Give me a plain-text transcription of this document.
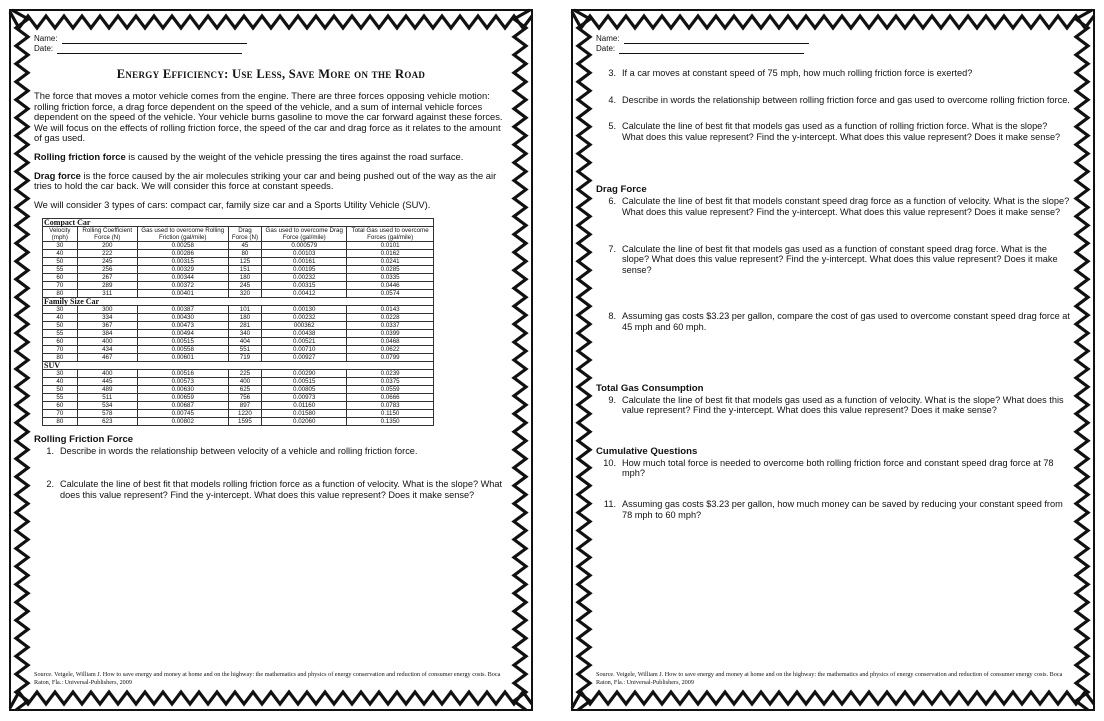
Name:
Date:
Energy Efficiency: Use Less, Save More on the Road

The force that moves a motor vehicle comes from the engine. There are three forces opposing vehicle motion: rolling friction force, a drag force dependent on the speed of the vehicle, and a sum of internal vehicle forces dependent on the speed of the vehicle. Your vehicle burns gasoline to move the car forward against these forces. We will focus on the effects of rolling friction force, the speed of the car and drag force as it relates to the amount of gas used.

Rolling friction force is caused by the weight of the vehicle pressing the tires against the road surface.

Drag force is the force caused by the air molecules striking your car and being pushed out of the way as the air tries to hold the car back. We will consider this force at constant speeds.

We will consider 3 types of cars: compact car, family size car and a Sports Utility Vehicle (SUV).

Compact Car					
Velocity (mph)	Rolling Coefficient Force (N)	Gas used to overcome Rolling Friction (gal/mile)	Drag Force (N)	Gas used to overcome Drag Force (gal/mile)	Total Gas used to overcome Forces (gal/mile)
30	200	0.00258	45	0.000579	0.0101
40	222	0.00286	80	0.00103	0.0162
50	245	0.00315	125	0.00161	0.0241
55	256	0.00329	151	0.00195	0.0285
60	267	0.00344	180	0.00232	0.0335
70	289	0.00372	245	0.00315	0.0446
80	311	0.00401	320	0.00412	0.0574
Family Size Car					
30	300	0.00387	101	0.00130	0.0143
40	334	0.00430	180	0.00232	0.0228
50	367	0.00473	281	000362	0.0337
55	384	0.00494	340	0.00438	0.0399
60	400	0.00515	404	0.00521	0.0468
70	434	0.00558	551	0.00710	0.0622
80	467	0.00601	719	0.00927	0.0799
SUV					
30	400	0.00516	225	0.00290	0.0239
40	445	0.00573	400	0.00515	0.0375
50	489	0.00630	625	0.00805	0.0559
55	511	0.00659	756	0.00973	0.0666
60	534	0.00687	897	0.01160	0.0783
70	578	0.00745	1220	0.01580	0.1150
80	623	0.00802	1595	0.02060	0.1350
Rolling Friction Force
1. Describe in words the relationship between velocity of a vehicle and rolling friction force.
2. Calculate the line of best fit that models rolling friction force as a function of velocity. What is the slope? What does this value represent? Find the y-intercept. What does this value represent? Does it make sense?
Source. Veigele, William J. How to save energy and money at home and on the highway: the mathematics and physics of energy conservation and reduction of consumer energy costs. Boca Raton, Fla.: Universal-Publishers, 2009
Name:
Date:
3. If a car moves at constant speed of 75 mph, how much rolling friction force is exerted?
4. Describe in words the relationship between rolling friction force and gas used to overcome rolling friction force.
5. Calculate the line of best fit that models gas used as a function of rolling friction force. What is the slope? What does this value represent? Find the y-intercept. What does this value represent? Does it make sense?
Drag Force
6. Calculate the line of best fit that models constant speed drag force as a function of velocity. What is the slope? What does this value represent? Find the y-intercept. What does this value represent? Does it make sense?
7. Calculate the line of best fit that models gas used as a function of constant speed drag force. What is the slope? What does this value represent? Find the y-intercept. What does this value represent? Does it make sense?
8. Assuming gas costs $3.23 per gallon, compare the cost of gas used to overcome constant speed drag force at 45 mph and 60 mph.
Total Gas Consumption
9. Calculate the line of best fit that models gas used as a function of velocity. What is the slope? What does this value represent? Find the y-intercept. What does this value represent? Does it make sense?
Cumulative Questions
10. How much total force is needed to overcome both rolling friction force and constant speed drag force at 78 mph?
11. Assuming gas costs $3.23 per gallon, how much money can be saved by reducing your constant speed from 78 mph to 60 mph?
Source. Veigele, William J. How to save energy and money at home and on the highway: the mathematics and physics of energy conservation and reduction of consumer energy costs. Boca Raton, Fla.: Universal-Publishers, 2009
